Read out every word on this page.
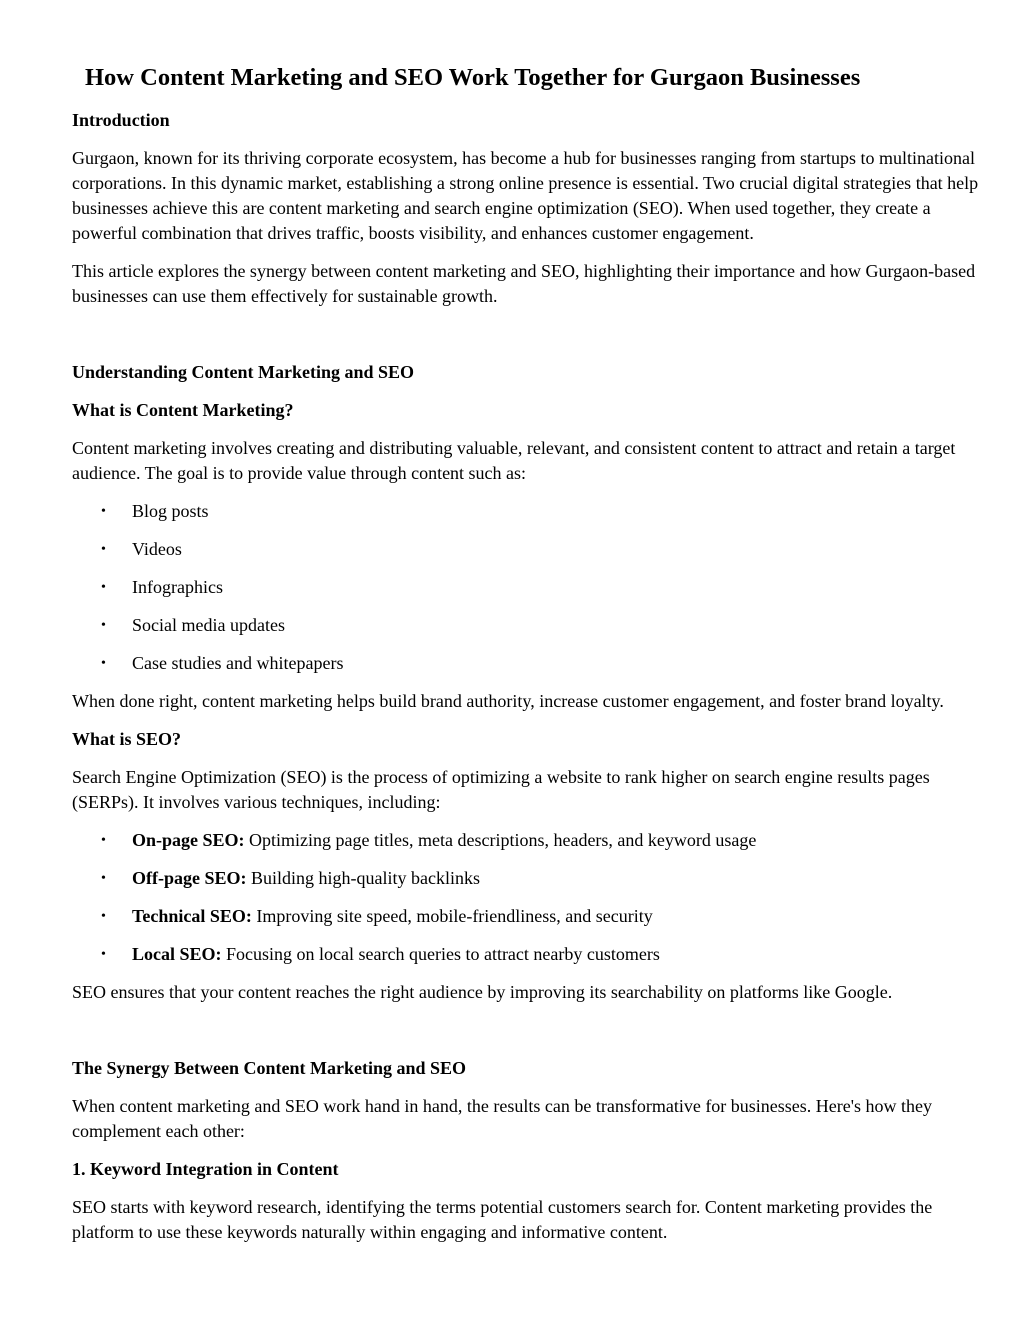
How Content Marketing and SEO Work Together for Gurgaon Businesses
Introduction

Gurgaon, known for its thriving corporate ecosystem, has become a hub for businesses ranging from startups to multinational corporations. In this dynamic market, establishing a strong online presence is essential. Two crucial digital strategies that help businesses achieve this are content marketing and search engine optimization (SEO). When used together, they create a powerful combination that drives traffic, boosts visibility, and enhances customer engagement.

This article explores the synergy between content marketing and SEO, highlighting their importance and how Gurgaon-based businesses can use them effectively for sustainable growth.

Understanding Content Marketing and SEO
What is Content Marketing?

Content marketing involves creating and distributing valuable, relevant, and consistent content to attract and retain a target audience. The goal is to provide value through content such as:

• Blog posts
• Videos
• Infographics
• Social media updates
• Case studies and whitepapers

When done right, content marketing helps build brand authority, increase customer engagement, and foster brand loyalty.

What is SEO?

Search Engine Optimization (SEO) is the process of optimizing a website to rank higher on search engine results pages (SERPs). It involves various techniques, including:

• On-page SEO: Optimizing page titles, meta descriptions, headers, and keyword usage
• Off-page SEO: Building high-quality backlinks
• Technical SEO: Improving site speed, mobile-friendliness, and security
• Local SEO: Focusing on local search queries to attract nearby customers

SEO ensures that your content reaches the right audience by improving its searchability on platforms like Google.

The Synergy Between Content Marketing and SEO

When content marketing and SEO work hand in hand, the results can be transformative for businesses. Here's how they complement each other:

1. Keyword Integration in Content

SEO starts with keyword research, identifying the terms potential customers search for. Content marketing provides the platform to use these keywords naturally within engaging and informative content.
